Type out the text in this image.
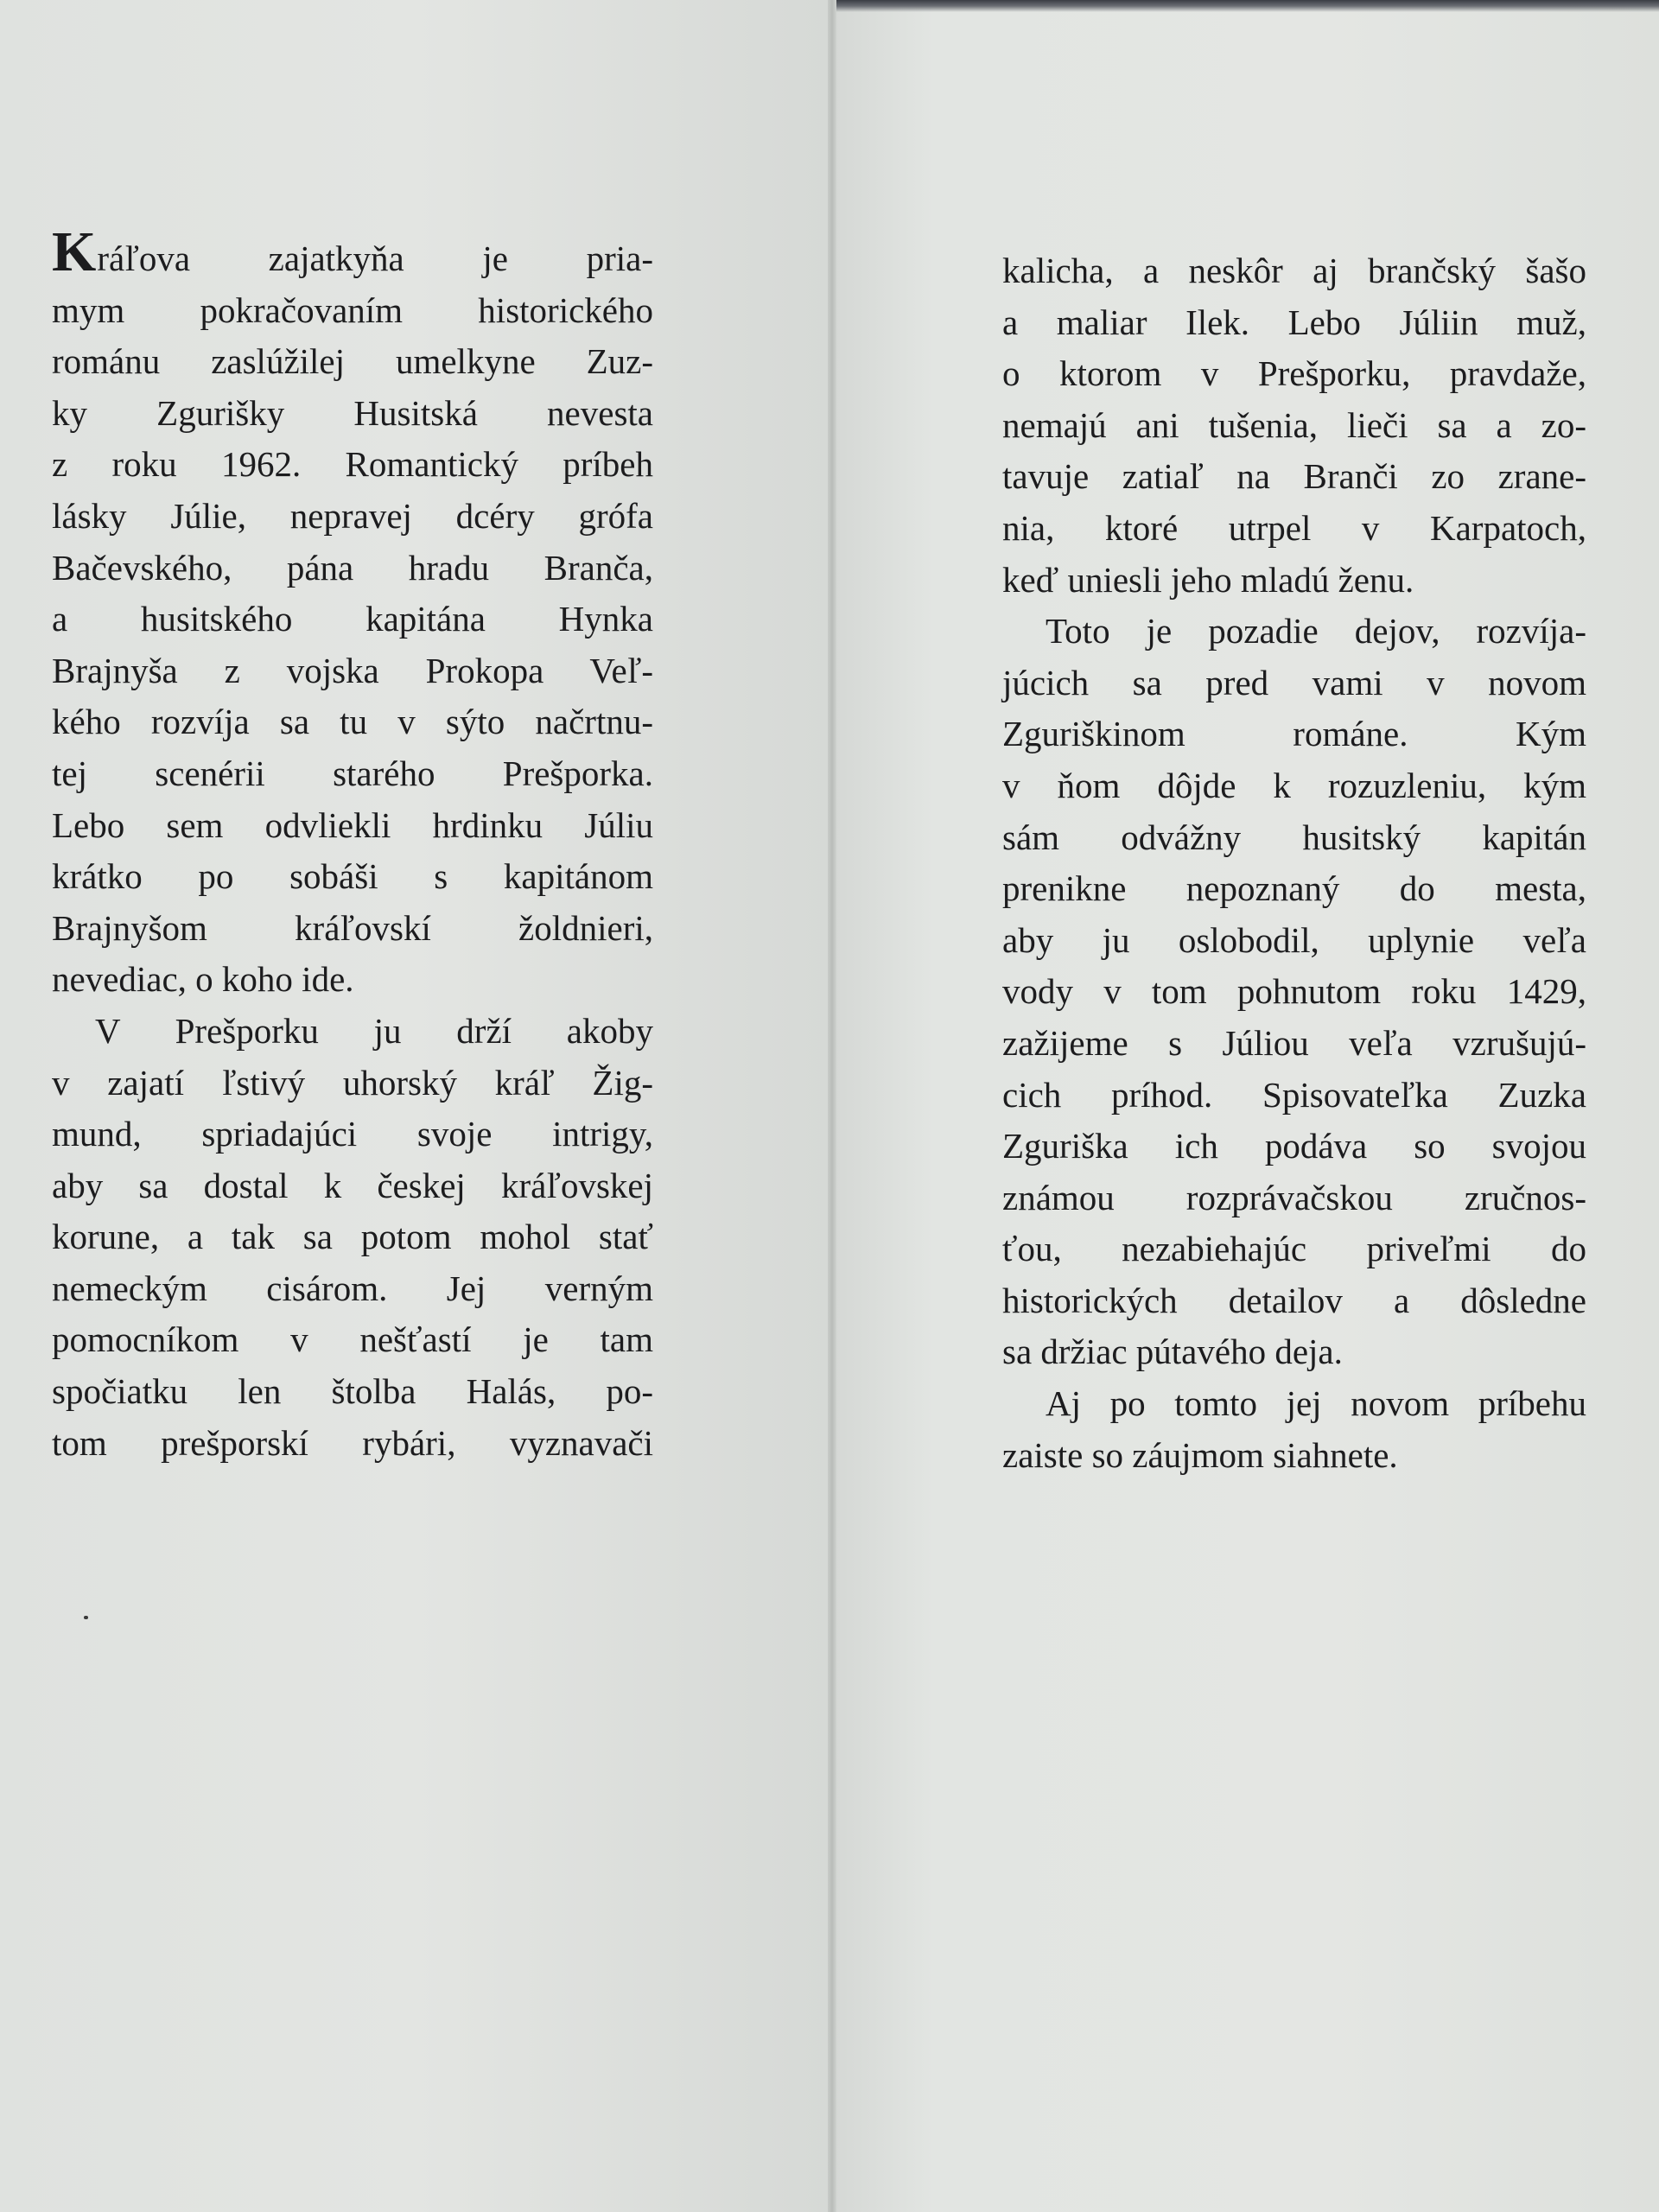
Kráľova zajatkyňa je pria-
mym pokračovaním historického
románu zaslúžilej umelkyne Zuz-
ky Zgurišky Husitská nevesta
z roku 1962. Romantický príbeh
lásky Júlie, nepravej dcéry grófa
Bačevského, pána hradu Branča,
a husitského kapitána Hynka
Brajnyša z vojska Prokopa Veľ-
kého rozvíja sa tu v sýto načrtnu-
tej scenérii starého Prešporka.
Lebo sem odvliekli hrdinku Júliu
krátko po sobáši s kapitánom
Brajnyšom kráľovskí žoldnieri,
nevediac, o koho ide.
V Prešporku ju drží akoby
v zajatí ľstivý uhorský kráľ Žig-
mund, spriadajúci svoje intrigy,
aby sa dostal k českej kráľovskej
korune, a tak sa potom mohol stať
nemeckým cisárom. Jej verným
pomocníkom v nešťastí je tam
spočiatku len štolba Halás, po-
tom prešporskí rybári, vyznavači
kalicha, a neskôr aj brančský šašo
a maliar Ilek. Lebo Júliin muž,
o ktorom v Prešporku, pravdaže,
nemajú ani tušenia, lieči sa a zo-
tavuje zatiaľ na Branči zo zrane-
nia, ktoré utrpel v Karpatoch,
keď uniesli jeho mladú ženu.
Toto je pozadie dejov, rozvíja-
júcich sa pred vami v novom
Zguriškinom románe. Kým
v ňom dôjde k rozuzleniu, kým
sám odvážny husitský kapitán
prenikne nepoznaný do mesta,
aby ju oslobodil, uplynie veľa
vody v tom pohnutom roku 1429,
zažijeme s Júliou veľa vzrušujú-
cich príhod. Spisovateľka Zuzka
Zguriška ich podáva so svojou
známou rozprávačskou zručnos-
ťou, nezabiehajúc priveľmi do
historických detailov a dôsledne
sa držiac pútavého deja.
Aj po tomto jej novom príbehu
zaiste so záujmom siahnete.
